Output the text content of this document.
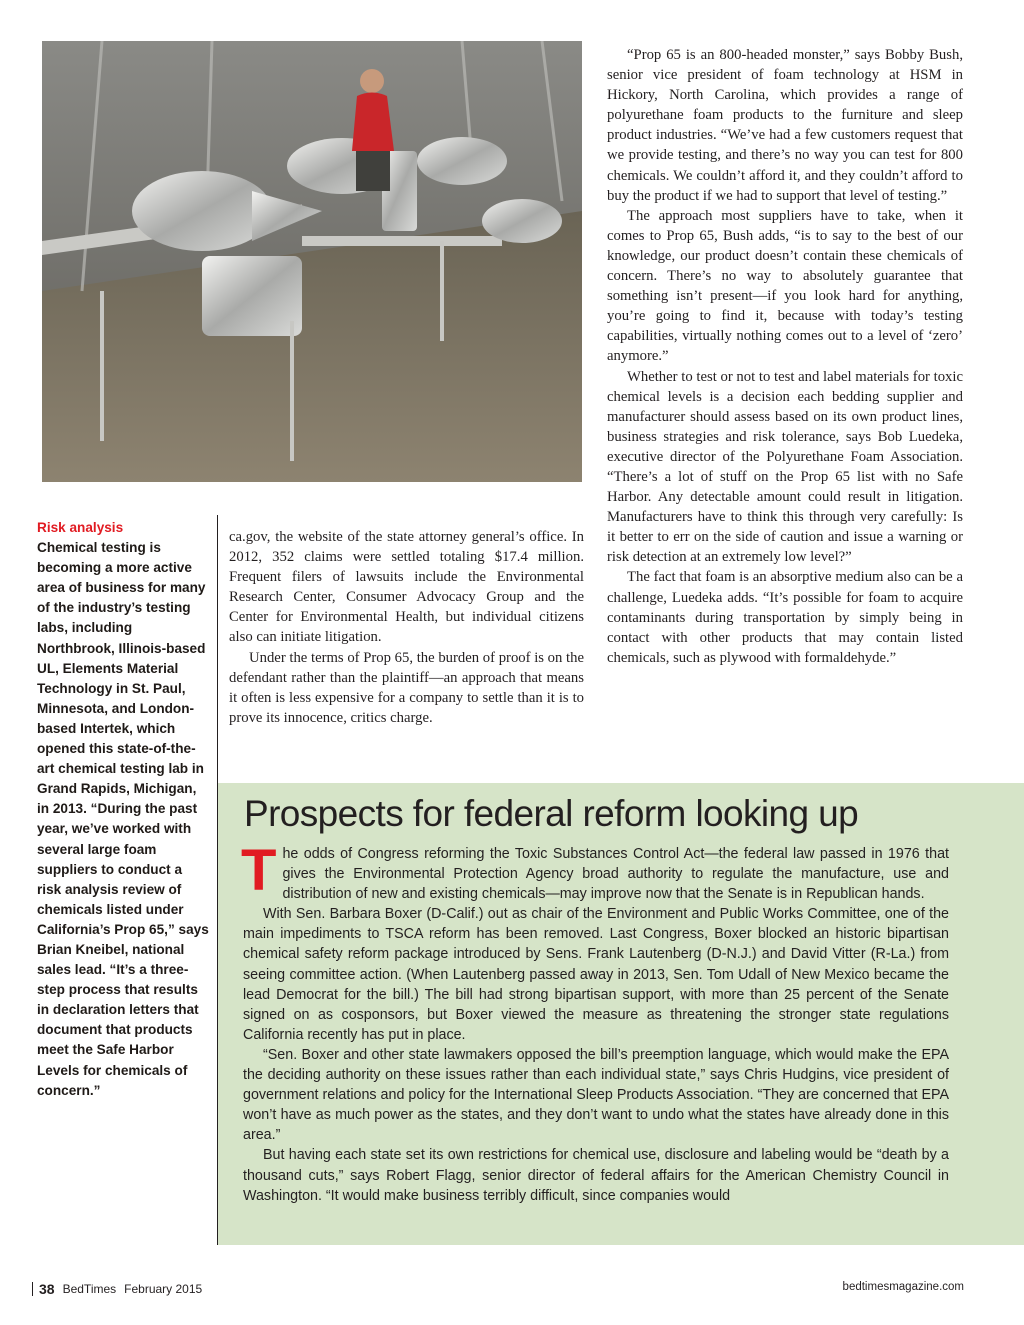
Risk analysis
Chemical testing is becoming a more active area of business for many of the industry’s testing labs, including Northbrook, Illinois-based UL, Elements Material Technology in St. Paul, Minnesota, and London-based Intertek, which opened this state-of-the-art chemical testing lab in Grand Rapids, Michigan, in 2013. “During the past year, we’ve worked with several large foam suppliers to conduct a risk analysis review of chemicals listed under California’s Prop 65,” says Brian Kneibel, national sales lead. “It’s a three-step process that results in declaration letters that document that products meet the Safe Harbor Levels for chemicals of concern.”

ca.gov, the website of the state attorney general’s office. In 2012, 352 claims were settled totaling $17.4 million. Frequent filers of lawsuits include the Environmental Research Center, Consumer Advocacy Group and the Center for Environmental Health, but individual citizens also can initiate litigation.

Under the terms of Prop 65, the burden of proof is on the defendant rather than the plaintiff—an approach that means it often is less expensive for a company to settle than it is to prove its innocence, critics charge.

“Prop 65 is an 800-headed monster,” says Bobby Bush, senior vice president of foam technology at HSM in Hickory, North Carolina, which provides a range of polyurethane foam products to the furniture and sleep product industries. “We’ve had a few customers request that we provide testing, and there’s no way you can test for 800 chemicals. We couldn’t afford it, and they couldn’t afford to buy the product if we had to support that level of testing.”

The approach most suppliers have to take, when it comes to Prop 65, Bush adds, “is to say to the best of our knowledge, our product doesn’t contain these chemicals of concern. There’s no way to absolutely guarantee that something isn’t present—if you look hard for anything, you’re going to find it, because with today’s testing capabilities, virtually nothing comes out to a level of ‘zero’ anymore.”

Whether to test or not to test and label materials for toxic chemical levels is a decision each bedding supplier and manufacturer should assess based on its own product lines, business strategies and risk tolerance, says Bob Luedeka, executive director of the Polyurethane Foam Association. “There’s a lot of stuff on the Prop 65 list with no Safe Harbor. Any detectable amount could result in litigation. Manufacturers have to think this through very carefully: Is it better to err on the side of caution and issue a warning or risk detection at an extremely low level?”

The fact that foam is an absorptive medium also can be a challenge, Luedeka adds. “It’s possible for foam to acquire contaminants during transportation by simply being in contact with other products that may contain listed chemicals, such as plywood with formaldehyde.”

Prospects for federal reform looking up

The odds of Congress reforming the Toxic Substances Control Act—the federal law passed in 1976 that gives the Environmental Protection Agency broad authority to regulate the manufacture, use and distribution of new and existing chemicals—may improve now that the Senate is in Republican hands.

With Sen. Barbara Boxer (D-Calif.) out as chair of the Environment and Public Works Committee, one of the main impediments to TSCA reform has been removed. Last Congress, Boxer blocked an historic bipartisan chemical safety reform package introduced by Sens. Frank Lautenberg (D-N.J.) and David Vitter (R-La.) from seeing committee action. (When Lautenberg passed away in 2013, Sen. Tom Udall of New Mexico became the lead Democrat for the bill.) The bill had strong bipartisan support, with more than 25 percent of the Senate signed on as cosponsors, but Boxer viewed the measure as threatening the stronger state regulations California recently has put in place.

“Sen. Boxer and other state lawmakers opposed the bill’s preemption language, which would make the EPA the deciding authority on these issues rather than each individual state,” says Chris Hudgins, vice president of government relations and policy for the International Sleep Products Association. “They are concerned that EPA won’t have as much power as the states, and they don’t want to undo what the states have already done in this area.”

But having each state set its own restrictions for chemical use, disclosure and labeling would be “death by a thousand cuts,” says Robert Flagg, senior director of federal affairs for the American Chemistry Council in Washington. “It would make business terribly difficult, since companies would

38 BedTimes February 2015	bedtimesmagazine.com
